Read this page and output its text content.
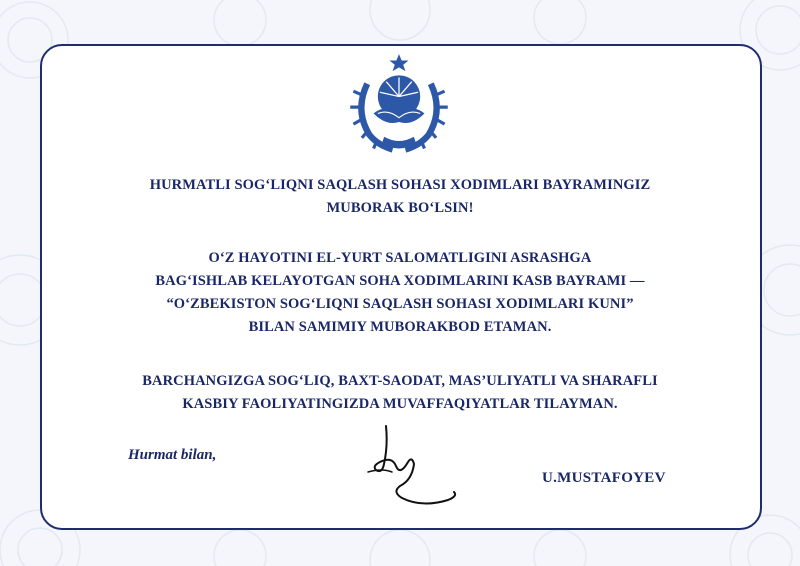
HURMATLI SOG‘LIQNI SAQLASH SOHASI XODIMLARI BAYRAMINGIZ
MUBORAK BO‘LSIN!
O‘Z HAYOTINI EL-YURT SALOMATLIGINI ASRASHGA
BAG‘ISHLAB KELAYOTGAN SOHA XODIMLARINI KASB BAYRAMI —
“O‘ZBEKISTON SOG‘LIQNI SAQLASH SOHASI XODIMLARI KUNI”
BILAN SAMIMIY MUBORAKBOD ETAMAN.
BARCHANGIZGA SOG‘LIQ, BAXT-SAODAT, MAS’ULIYATLI VA SHARAFLI
KASBIY FAOLIYATINGIZDA MUVAFFAQIYATLAR TILAYMAN.
Hurmat bilan,
U.MUSTAFOYEV
